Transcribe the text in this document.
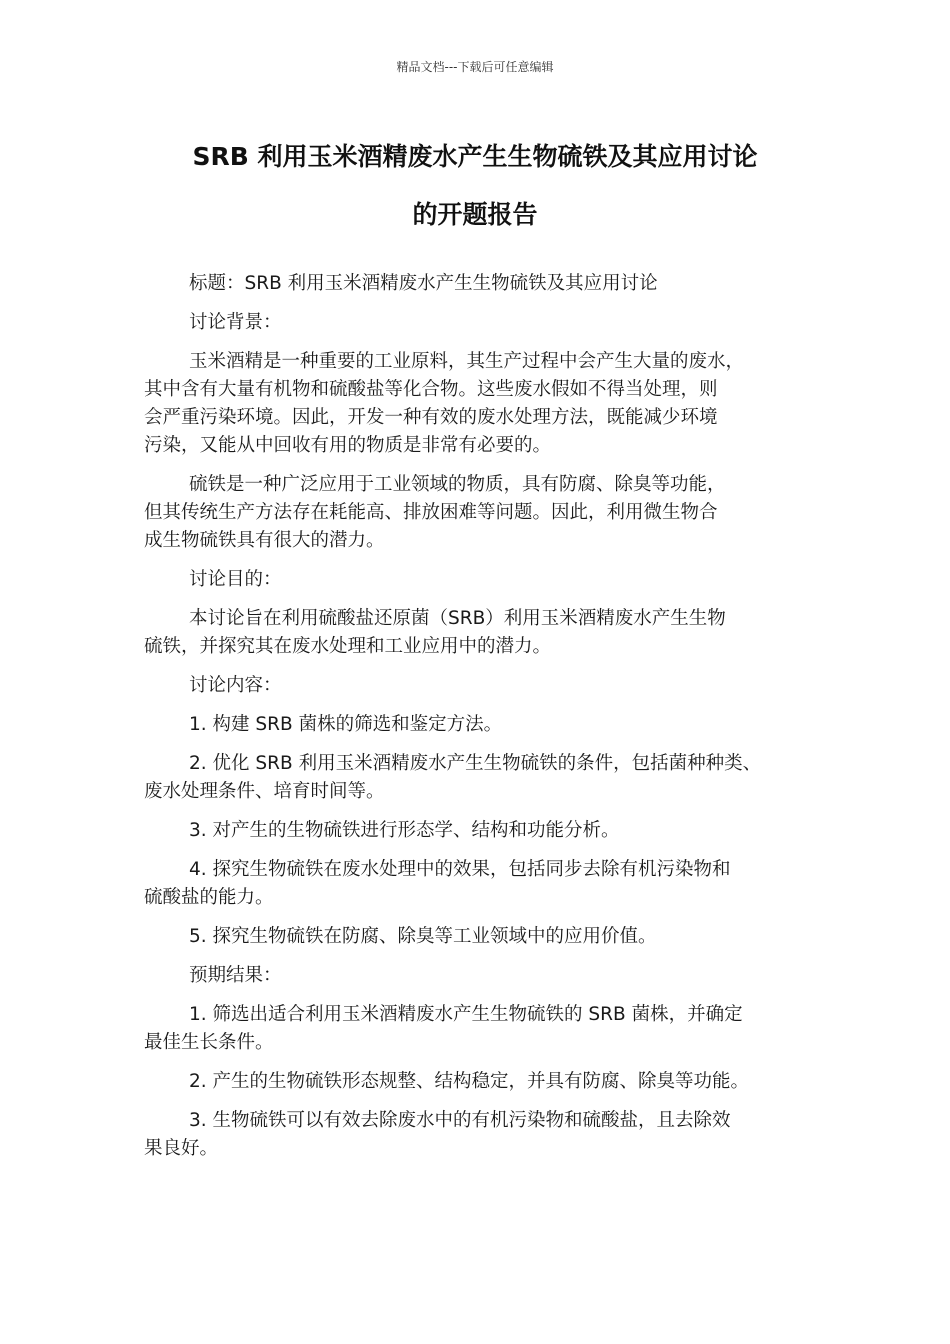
精品文档---下载后可任意编辑
SRB 利用玉米酒精废水产生生物硫铁及其应用讨论
的开题报告

标题：SRB 利用玉米酒精废水产生生物硫铁及其应用讨论

讨论背景：

玉米酒精是一种重要的工业原料，其生产过程中会产生大量的废水，
其中含有大量有机物和硫酸盐等化合物。这些废水假如不得当处理，则
会严重污染环境。因此，开发一种有效的废水处理方法，既能减少环境
污染，又能从中回收有用的物质是非常有必要的。

硫铁是一种广泛应用于工业领域的物质，具有防腐、除臭等功能，
但其传统生产方法存在耗能高、排放困难等问题。因此，利用微生物合
成生物硫铁具有很大的潜力。

讨论目的：

本讨论旨在利用硫酸盐还原菌（SRB）利用玉米酒精废水产生生物
硫铁，并探究其在废水处理和工业应用中的潜力。

讨论内容：

1. 构建 SRB 菌株的筛选和鉴定方法。

2. 优化 SRB 利用玉米酒精废水产生生物硫铁的条件，包括菌种种类、
废水处理条件、培育时间等。

3. 对产生的生物硫铁进行形态学、结构和功能分析。

4. 探究生物硫铁在废水处理中的效果，包括同步去除有机污染物和
硫酸盐的能力。

5. 探究生物硫铁在防腐、除臭等工业领域中的应用价值。

预期结果：

1. 筛选出适合利用玉米酒精废水产生生物硫铁的 SRB 菌株，并确定
最佳生长条件。

2. 产生的生物硫铁形态规整、结构稳定，并具有防腐、除臭等功能。

3. 生物硫铁可以有效去除废水中的有机污染物和硫酸盐，且去除效
果良好。
